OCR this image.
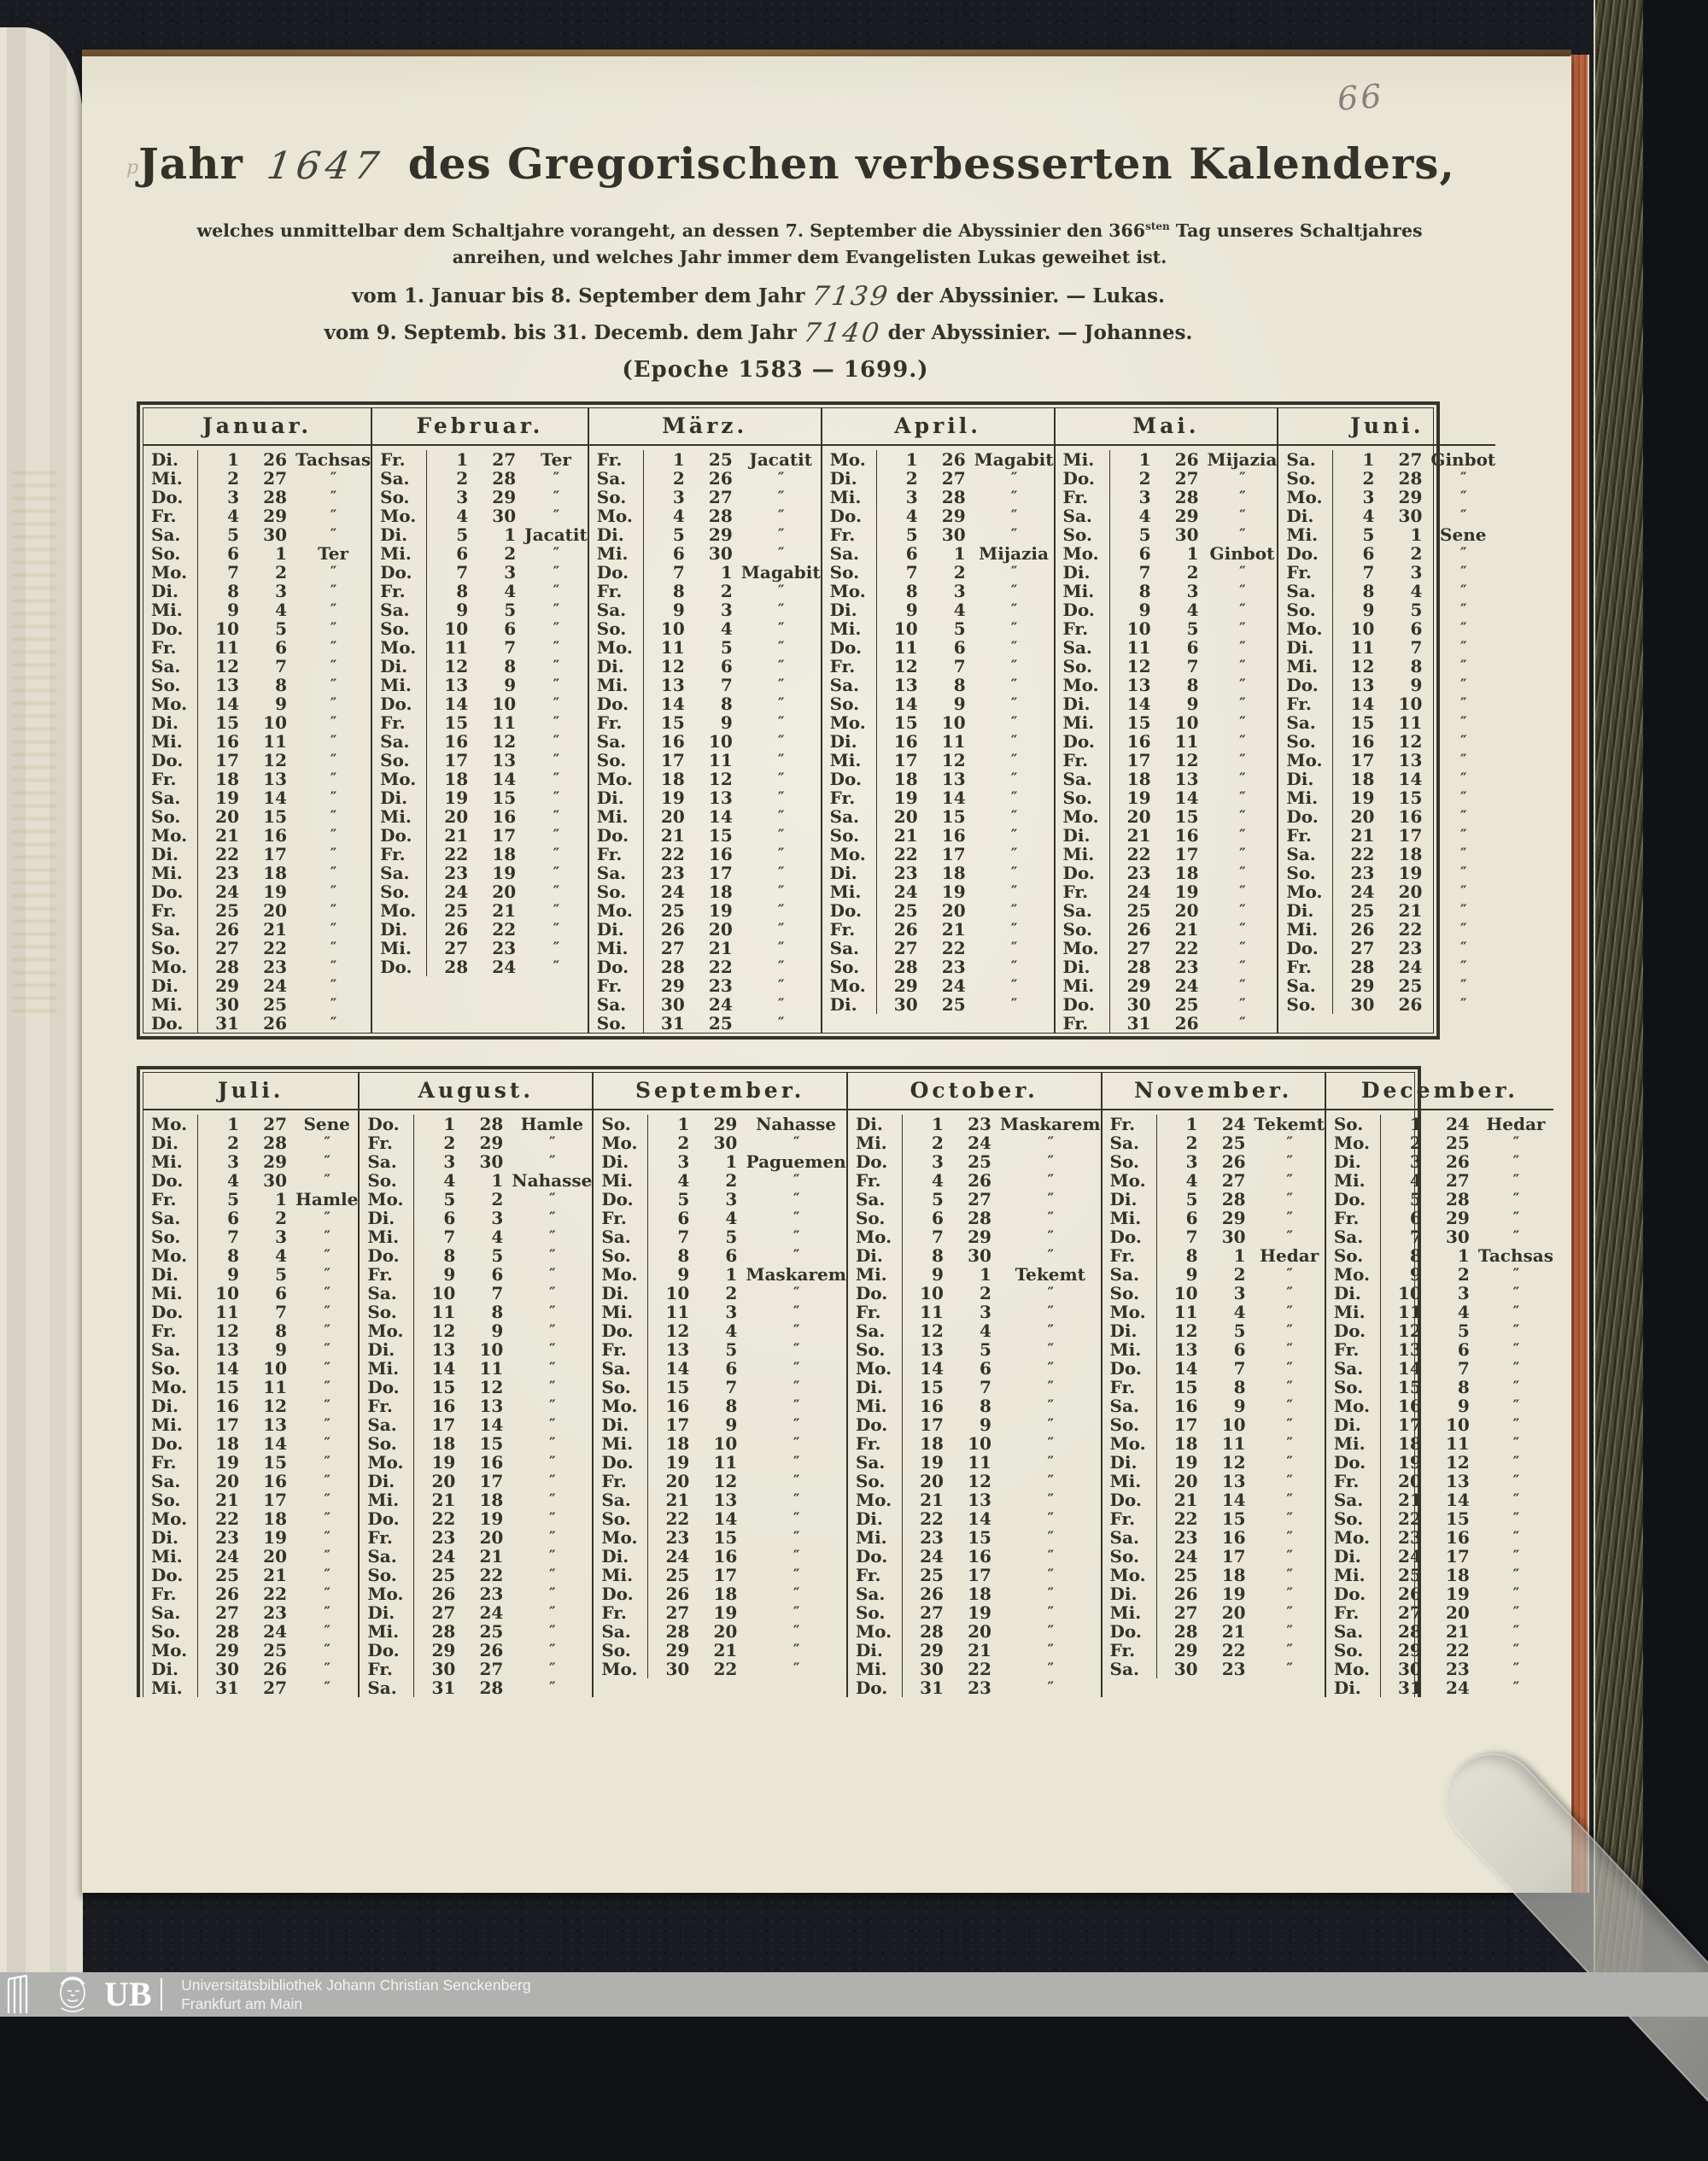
p Jahr 1647 des Gregorischen verbesserten Kalenders,

welches unmittelbar dem Schaltjahre vorangeht, an dessen 7. September die Abyssinier den $366^{sten}$ Tag unseres Schaltjahres
anreihen, und welches Jahr immer dem Evangelisten Lukas geweihet ist.

vom 1. Januar bis 8. September dem Jahr 7139 der Abyssinier. — Lukas.
vom 9. Septemb. bis 31. Decemb. dem Jahr 7140 der Abyssinier. — Johannes.
(Epoche 1583 — 1699.)
Januar.
Di.	1	26 Tachsas
Mi.	2	27	″
Do.	3	28	″
Fr.	4	29	″
Sa.	5	30	″
So.	6	1	Ter
Mo.	7	2	″
Di.	8	3	″
Mi.	9	4	″
Do.	10	5	″
Fr.	11	6	″
Sa.	12	7	″
So.	13	8	″
Mo.	14	9	″
Di.	15	10	″
Mi.	16	11	″
Do.	17	12	″
Fr.	18	13	″
Sa.	19	14	″
So.	20	15	″
Mo.	21	16	″
Di.	22	17	″
Mi.	23	18	″
Do.	24	19	″
Fr.	25	20	″
Sa.	26	21	″
So.	27	22	″
Mo.	28	23	″
Di.	29	24	″
Mi.	30	25	″
Do.	31	26	″
Februar.
Fr.	1	27	Ter
Sa.	2	28	″
So.	3	29	″
Mo.	4	30	″
Di.	5	1 Jacatit
Mi.	6	2	″
Do.	7	3	″
Fr.	8	4	″
Sa.	9	5	″
So.	10	6	″
Mo.	11	7	″
Di.	12	8	″
Mi.	13	9	″
Do.	14	10	″
Fr.	15	11	″
Sa.	16	12	″
So.	17	13	″
Mo.	18	14	″
Di.	19	15	″
Mi.	20	16	″
Do.	21	17	″
Fr.	22	18	″
Sa.	23	19	″
So.	24	20	″
Mo.	25	21	″
Di.	26	22	″
Mi.	27	23	″
Do.	28	24	″
März.
Fr.	1	25 Jacatit
Sa.	2	26	″
So.	3	27	″
Mo.	4	28	″
Di.	5	29	″
Mi.	6	30	″
Do.	7	1 Magabit
Fr.	8	2	″
Sa.	9	3	″
So.	10	4	″
Mo.	11	5	″
Di.	12	6	″
Mi.	13	7	″
Do.	14	8	″
Fr.	15	9	″
Sa.	16	10	″
So.	17	11	″
Mo.	18	12	″
Di.	19	13	″
Mi.	20	14	″
Do.	21	15	″
Fr.	22	16	″
Sa.	23	17	″
So.	24	18	″
Mo.	25	19	″
Di.	26	20	″
Mi.	27	21	″
Do.	28	22	″
Fr.	29	23	″
Sa.	30	24	″
So.	31	25	″
April.
Mo.	1	26 Magabit
Di.	2	27	″
Mi.	3	28	″
Do.	4	29	″
Fr.	5	30	″
Sa.	6	1 Mijazia
So.	7	2	″
Mo.	8	3	″
Di.	9	4	″
Mi.	10	5	″
Do.	11	6	″
Fr.	12	7	″
Sa.	13	8	″
So.	14	9	″
Mo.	15	10	″
Di.	16	11	″
Mi.	17	12	″
Do.	18	13	″
Fr.	19	14	″
Sa.	20	15	″
So.	21	16	″
Mo.	22	17	″
Di.	23	18	″
Mi.	24	19	″
Do.	25	20	″
Fr.	26	21	″
Sa.	27	22	″
So.	28	23	″
Mo.	29	24	″
Di.	30	25	″
Mai.
Mi.	1	26 Mijazia
Do.	2	27	″
Fr.	3	28	″
Sa.	4	29	″
So.	5	30	″
Mo.	6	1 Ginbot
Di.	7	2	″
Mi.	8	3	″
Do.	9	4	″
Fr.	10	5	″
Sa.	11	6	″
So.	12	7	″
Mo.	13	8	″
Di.	14	9	″
Mi.	15	10	″
Do.	16	11	″
Fr.	17	12	″
Sa.	18	13	″
So.	19	14	″
Mo.	20	15	″
Di.	21	16	″
Mi.	22	17	″
Do.	23	18	″
Fr.	24	19	″
Sa.	25	20	″
So.	26	21	″
Mo.	27	22	″
Di.	28	23	″
Mi.	29	24	″
Do.	30	25	″
Fr.	31	26	″
Juni.
Sa.	1	27 Ginbot
So.	2	28	″
Mo.	3	29	″
Di.	4	30	″
Mi.	5	1	Sene
Do.	6	2	″
Fr.	7	3	″
Sa.	8	4	″
So.	9	5	″
Mo.	10	6	″
Di.	11	7	″
Mi.	12	8	″
Do.	13	9	″
Fr.	14	10	″
Sa.	15	11	″
So.	16	12	″
Mo.	17	13	″
Di.	18	14	″
Mi.	19	15	″
Do.	20	16	″
Fr.	21	17	″
Sa.	22	18	″
So.	23	19	″
Mo.	24	20	″
Di.	25	21	″
Mi.	26	22	″
Do.	27	23	″
Fr.	28	24	″
Sa.	29	25	″
So.	30	26	″
Juli.
Mo.	1	27 Sene
Di.	2	28	″
Mi.	3	29	″
Do.	4	30	″
Fr.	5	1 Hamle
Sa.	6	2	″
So.	7	3	″
Mo.	8	4	″
Di.	9	5	″
Mi.	10	6	″
Do.	11	7	″
Fr.	12	8	″
Sa.	13	9	″
So.	14	10	″
Mo.	15	11	″
Di.	16	12	″
Mi.	17	13	″
Do.	18	14	″
Fr.	19	15	″
Sa.	20	16	″
So.	21	17	″
Mo.	22	18	″
Di.	23	19	″
Mi.	24	20	″
Do.	25	21	″
Fr.	26	22	″
Sa.	27	23	″
So.	28	24	″
Mo.	29	25	″
Di.	30	26	″
Mi.	31	27	″
August.
Do.	1	28	Hamle
Fr.	2	29	″
Sa.	3	30	″
So.	4	1 Nahasse
Mo.	5	2	″
Di.	6	3	″
Mi.	7	4	″
Do.	8	5	″
Fr.	9	6	″
Sa.	10	7	″
So.	11	8	″
Mo.	12	9	″
Di.	13	10	″
Mi.	14	11	″
Do.	15	12	″
Fr.	16	13	″
Sa.	17	14	″
So.	18	15	″
Mo.	19	16	″
Di.	20	17	″
Mi.	21	18	″
Do.	22	19	″
Fr.	23	20	″
Sa.	24	21	″
So.	25	22	″
Mo.	26	23	″
Di.	27	24	″
Mi.	28	25	″
Do.	29	26	″
Fr.	30	27	″
Sa.	31	28	″
September.
So.	1	29	Nahasse
Mo.	2	30	″
Di.	3	1 Paguemen
Mi.	4	2	″
Do.	5	3	″
Fr.	6	4	″
Sa.	7	5	″
So.	8	6	″
Mo.	9	1 Maskarem
Di.	10	2	″
Mi.	11	3	″
Do.	12	4	″
Fr.	13	5	″
Sa.	14	6	″
So.	15	7	″
Mo.	16	8	″
Di.	17	9	″
Mi.	18	10	″
Do.	19	11	″
Fr.	20	12	″
Sa.	21	13	″
So.	22	14	″
Mo.	23	15	″
Di.	24	16	″
Mi.	25	17	″
Do.	26	18	″
Fr.	27	19	″
Sa.	28	20	″
So.	29	21	″
Mo.	30	22	″
October.
Di.	1	23 Maskarem
Mi.	2	24	″
Do.	3	25	″
Fr.	4	26	″
Sa.	5	27	″
So.	6	28	″
Mo.	7	29	″
Di.	8	30	″
Mi.	9	1	Tekemt
Do.	10	2	″
Fr.	11	3	″
Sa.	12	4	″
So.	13	5	″
Mo.	14	6	″
Di.	15	7	″
Mi.	16	8	″
Do.	17	9	″
Fr.	18	10	″
Sa.	19	11	″
So.	20	12	″
Mo.	21	13	″
Di.	22	14	″
Mi.	23	15	″
Do.	24	16	″
Fr.	25	17	″
Sa.	26	18	″
So.	27	19	″
Mo.	28	20	″
Di.	29	21	″
Mi.	30	22	″
Do.	31	23	″
November.
Fr.	1	24 Tekemt
Sa.	2	25	″
So.	3	26	″
Mo.	4	27	″
Di.	5	28	″
Mi.	6	29	″
Do.	7	30	″
Fr.	8	1 Hedar
Sa.	9	2	″
So.	10	3	″
Mo.	11	4	″
Di.	12	5	″
Mi.	13	6	″
Do.	14	7	″
Fr.	15	8	″
Sa.	16	9	″
So.	17	10	″
Mo.	18	11	″
Di.	19	12	″
Mi.	20	13	″
Do.	21	14	″
Fr.	22	15	″
Sa.	23	16	″
So.	24	17	″
Mo.	25	18	″
Di.	26	19	″
Mi.	27	20	″
Do.	28	21	″
Fr.	29	22	″
Sa.	30	23	″
December.
So.	1	24 Hedar
Mo.	2	25	″
Di.	3	26	″
Mi.	4	27	″
Do.	5	28	″
Fr.	6	29	″
Sa.	7	30	″
So.	8	1 Tachsas
Mo.	9	2	″
Di.	10	3	″
Mi.	11	4	″
Do.	12	5	″
Fr.	13	6	″
Sa.	14	7	″
So.	15	8	″
Mo.	16	9	″
Di.	17	10	″
Mi.	18	11	″
Do.	19	12	″
Fr.	20	13	″
Sa.	21	14	″
So.	22	15	″
Mo.	23	16	″
Di.	24	17	″
Mi.	25	18	″
Do.	26	19	″
Fr.	27	20	″
Sa.	28	21	″
So.	29	22	″
Mo.	30	23	″
Di.	31	24	″
66
UB Universitätsbibliothek Johann Christian Senckenberg
Frankfurt am Main
